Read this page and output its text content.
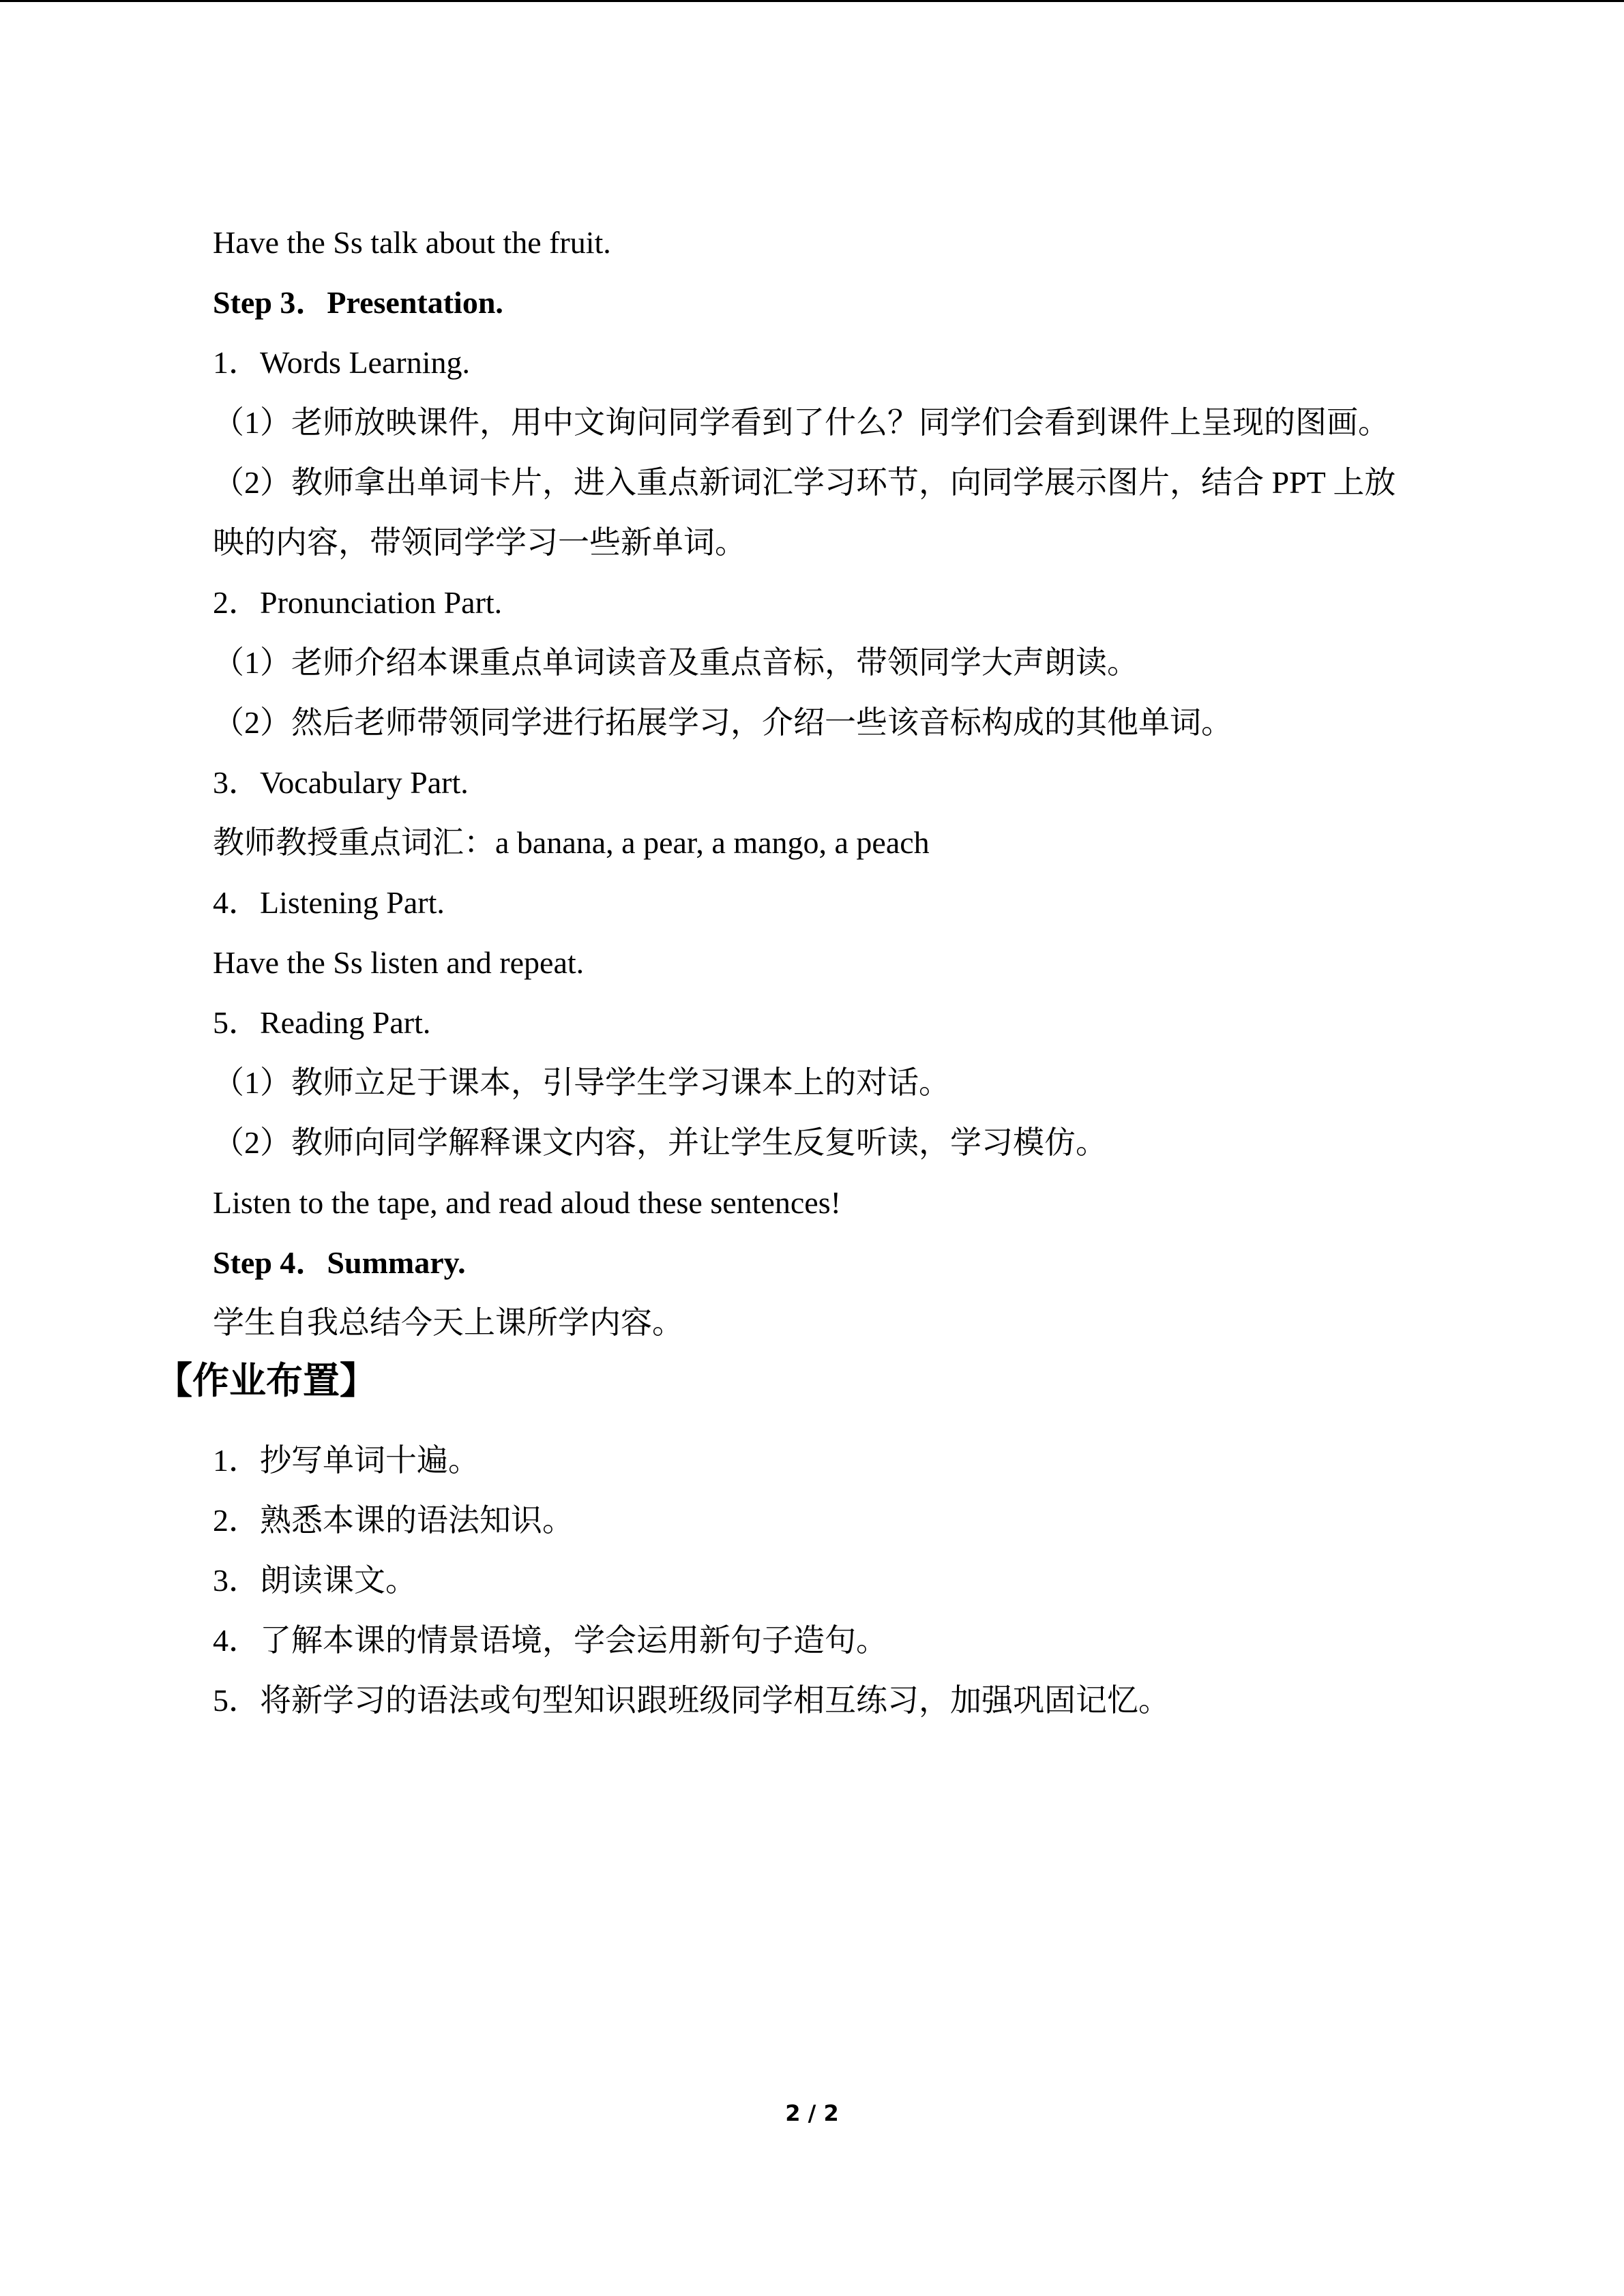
Have the Ss talk about the fruit.
Step 3．Presentation.
1．Words Learning.
（1）老师放映课件，用中文询问同学看到了什么？同学们会看到课件上呈现的图画。
（2）教师拿出单词卡片，进入重点新词汇学习环节，向同学展示图片，结合 PPT 上放
映的内容，带领同学学习一些新单词。
2．Pronunciation Part.
（1）老师介绍本课重点单词读音及重点音标，带领同学大声朗读。
（2）然后老师带领同学进行拓展学习，介绍一些该音标构成的其他单词。
3．Vocabulary Part.
教师教授重点词汇：a banana, a pear, a mango, a peach
4．Listening Part.
Have the Ss listen and repeat.
5．Reading Part.
（1）教师立足于课本，引导学生学习课本上的对话。
（2）教师向同学解释课文内容，并让学生反复听读，学习模仿。
Listen to the tape, and read aloud these sentences!
Step 4．Summary.
学生自我总结今天上课所学内容。
【作业布置】
1．抄写单词十遍。
2．熟悉本课的语法知识。
3．朗读课文。
4．了解本课的情景语境，学会运用新句子造句。
5．将新学习的语法或句型知识跟班级同学相互练习，加强巩固记忆。
2 / 2
